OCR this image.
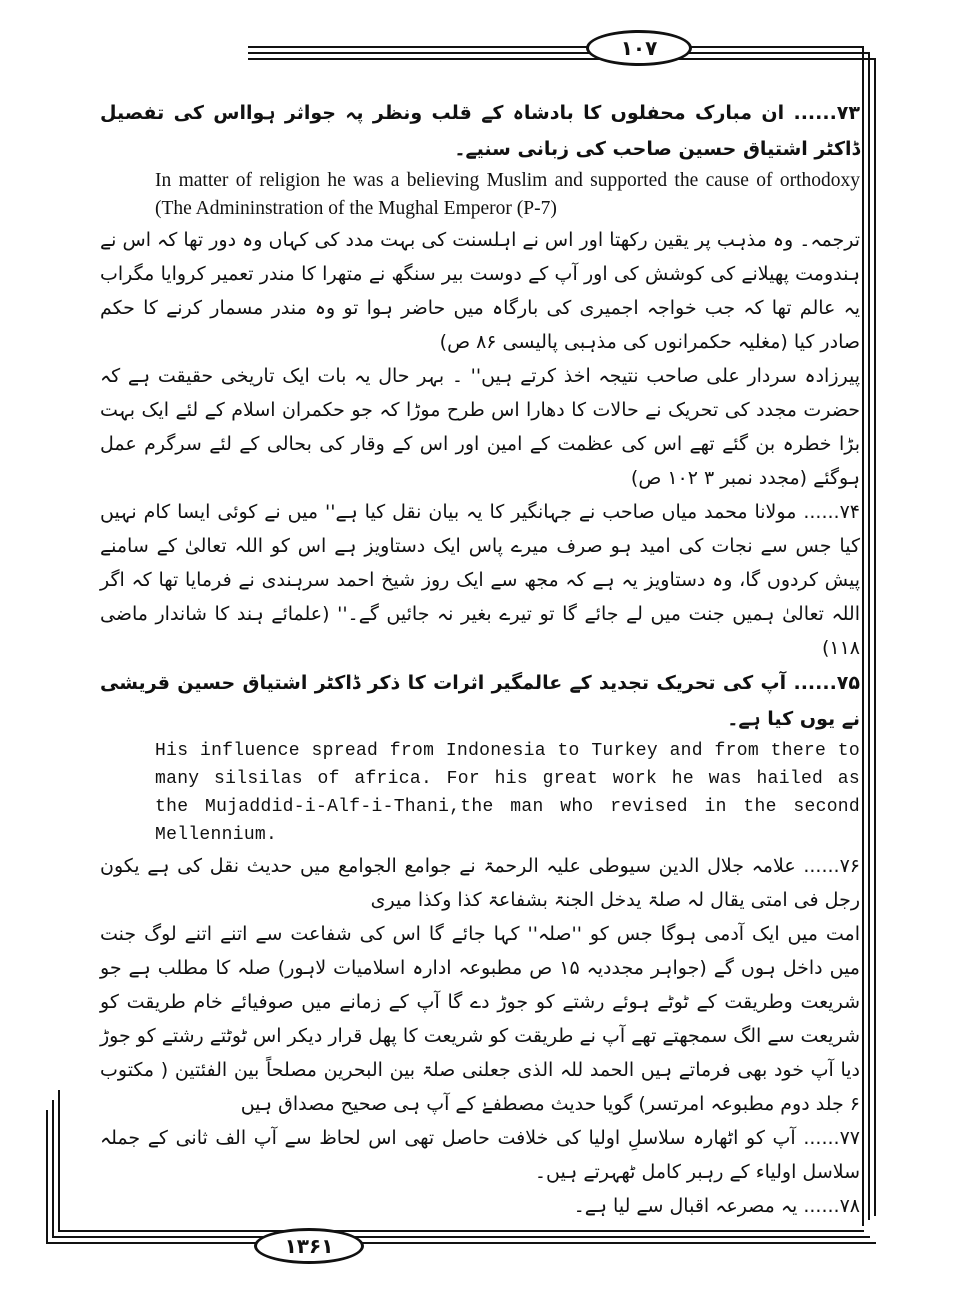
۱۰۷
۱۳۶۱

۷۳...... ان مبارک محفلوں کا بادشاہ کے قلب ونظر پہ جواثر ہوااس کی تفصیل ڈاکٹر اشتیاق حسین صاحب کی زبانی سنیے۔

In matter of religion he was a believing Muslim and supported the cause of orthodoxy (The Admininstration of the Mughal Emperor (P-7)

ترجمہ۔ وہ مذہب پر یقین رکھتا اور اس نے اہلسنت کی بہت مدد کی کہاں وہ دور تھا کہ اس نے ہندومت پھیلانے کی کوشش کی اور آپ کے دوست بیر سنگھ نے متھرا کا مندر تعمیر کروایا مگراب یہ عالم تھا کہ جب خواجہ اجمیری کی بارگاہ میں حاضر ہوا تو وہ مندر مسمار کرنے کا حکم صادر کیا (مغلیہ حکمرانوں کی مذہبی پالیسی ۸۶ ص)

پیرزادہ سردار علی صاحب نتیجہ اخذ کرتے ہیں'' ۔ بہر حال یہ بات ایک تاریخی حقیقت ہے کہ حضرت مجدد کی تحریک نے حالات کا دھارا اس طرح موڑا کہ جو حکمران اسلام کے لئے ایک بہت بڑا خطرہ بن گئے تھے اس کی عظمت کے امین اور اس کے وقار کی بحالی کے لئے سرگرم عمل ہوگئے (مجدد نمبر ۳ ۱۰۲ ص)

۷۴...... مولانا محمد میاں صاحب نے جہانگیر کا یہ بیان نقل کیا ہے'' میں نے کوئی ایسا کام نہیں کیا جس سے نجات کی امید ہو صرف میرے پاس ایک دستاویز ہے اس کو اللہ تعالیٰ کے سامنے پیش کردوں گا، وہ دستاویز یہ ہے کہ مجھ سے ایک روز شیخ احمد سرہندی نے فرمایا تھا کہ اگر اللہ تعالیٰ ہمیں جنت میں لے جائے گا تو تیرے بغیر نہ جائیں گے۔'' (علمائے ہند کا شاندار ماضی ۱۱۸)

۷۵...... آپ کی تحریک تجدید کے عالمگیر اثرات کا ذکر ڈاکٹر اشتیاق حسین قریشی نے یوں کیا ہے۔

His influence spread from Indonesia to Turkey and from there to many silsilas of africa. For his great work he was hailed as the Mujaddid-i-Alf-i-Thani,the man who revised in the second Mellennium.

۷۶...... علامہ جلال الدین سیوطی علیہ الرحمۃ نے جوامع الجوامع میں حدیث نقل کی ہے یکون رجل فی امتی یقال لہ صلۃ یدخل الجنۃ بشفاعۃ کذا وکذا میری

امت میں ایک آدمی ہوگا جس کو ''صلہ'' کہا جائے گا اس کی شفاعت سے اتنے اتنے لوگ جنت میں داخل ہوں گے (جواہر مجددیہ ۱۵ ص مطبوعہ ادارہ اسلامیات لاہور) صلہ کا مطلب ہے جو شریعت وطریقت کے ٹوٹے ہوئے رشتے کو جوڑ دے گا آپ کے زمانے میں صوفیائے خام طریقت کو شریعت سے الگ سمجھتے تھے آپ نے طریقت کو شریعت کا پھل قرار دیکر اس ٹوٹتے رشتے کو جوڑ دیا آپ خود بھی فرماتے ہیں الحمد للہ الذی جعلنی صلۃ بین البحرین مصلحاً بین الفئتین ( مکتوب ۶ جلد دوم مطبوعہ امرتسر) گویا حدیث مصطفےٰ کے آپ ہی صحیح مصداق ہیں

۷۷...... آپ کو اٹھارہ سلاسلِ اولیا کی خلافت حاصل تھی اس لحاظ سے آپ الف ثانی کے جملہ سلاسل اولیاء کے رہبر کامل ٹھہرتے ہیں۔

۷۸...... یہ مصرعہ اقبال سے لیا ہے۔
